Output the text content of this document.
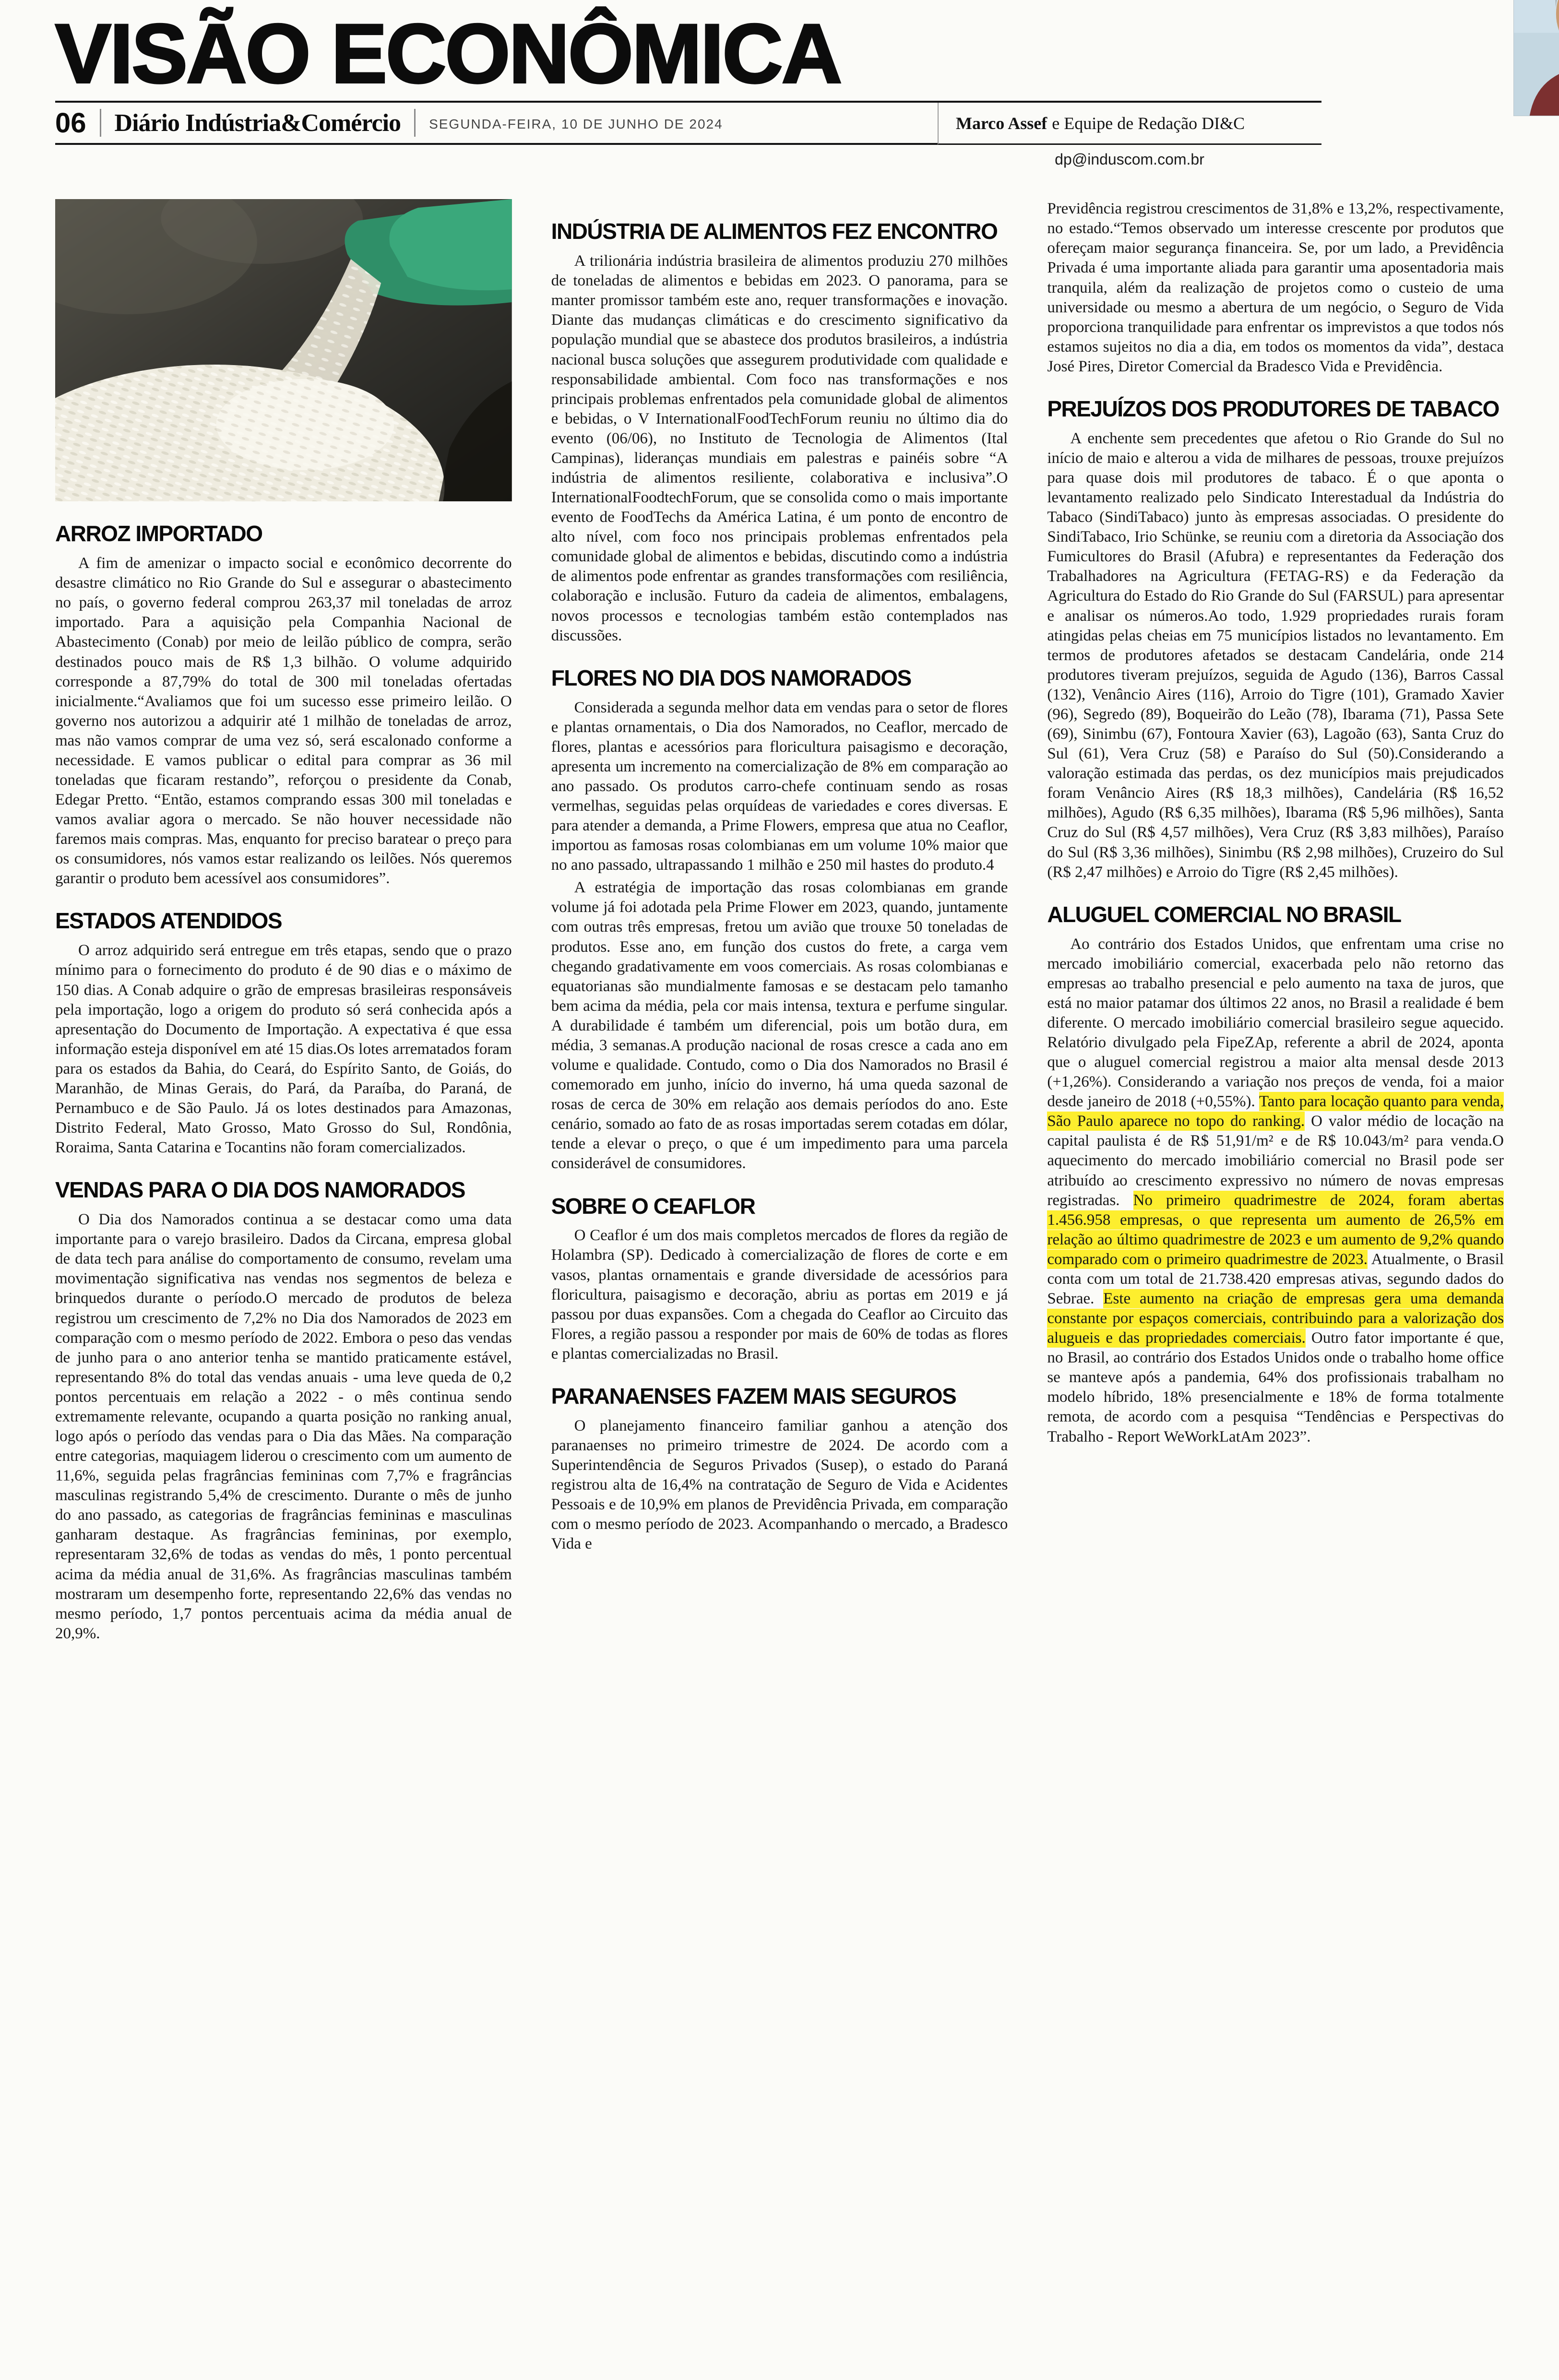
VISÃO ECONÔMICA
06 Diário Indústria&Comércio SEGUNDA-FEIRA, 10 DE JUNHO DE 2024	Marco Assef e Equipe de Redação DI&C
dp@induscom.com.br
ARROZ IMPORTADO

A fim de amenizar o impacto social e econômico decorrente do desastre climático no Rio Grande do Sul e assegurar o abastecimento no país, o governo federal comprou 263,37 mil toneladas de arroz importado. Para a aquisição pela Companhia Nacional de Abastecimento (Conab) por meio de leilão público de compra, serão destinados pouco mais de R$ 1,3 bilhão. O volume adquirido corresponde a 87,79% do total de 300 mil toneladas ofertadas inicialmente.“Avaliamos que foi um sucesso esse primeiro leilão. O governo nos autorizou a adquirir até 1 milhão de toneladas de arroz, mas não vamos comprar de uma vez só, será escalonado conforme a necessidade. E vamos publicar o edital para comprar as 36 mil toneladas que ficaram restando”, reforçou o presidente da Conab, Edegar Pretto. “Então, estamos comprando essas 300 mil toneladas e vamos avaliar agora o mercado. Se não houver necessidade não faremos mais compras. Mas, enquanto for preciso baratear o preço para os consumidores, nós vamos estar realizando os leilões. Nós queremos garantir o produto bem acessível aos consumidores”.

ESTADOS ATENDIDOS

O arroz adquirido será entregue em três etapas, sendo que o prazo mínimo para o fornecimento do produto é de 90 dias e o máximo de 150 dias. A Conab adquire o grão de empresas brasileiras responsáveis pela importação, logo a origem do produto só será conhecida após a apresentação do Documento de Importação. A expectativa é que essa informação esteja disponível em até 15 dias.Os lotes arrematados foram para os estados da Bahia, do Ceará, do Espírito Santo, de Goiás, do Maranhão, de Minas Gerais, do Pará, da Paraíba, do Paraná, de Pernambuco e de São Paulo. Já os lotes destinados para Amazonas, Distrito Federal, Mato Grosso, Mato Grosso do Sul, Rondônia, Roraima, Santa Catarina e Tocantins não foram comercializados.

VENDAS PARA O DIA DOS NAMORADOS

O Dia dos Namorados continua a se destacar como uma data importante para o varejo brasileiro. Dados da Circana, empresa global de data tech para análise do comportamento de consumo, revelam uma movimentação significativa nas vendas nos segmentos de beleza e brinquedos durante o período.O mercado de produtos de beleza registrou um crescimento de 7,2% no Dia dos Namorados de 2023 em comparação com o mesmo período de 2022. Embora o peso das vendas de junho para o ano anterior tenha se mantido praticamente estável, representando 8% do total das vendas anuais - uma leve queda de 0,2 pontos percentuais em relação a 2022 - o mês continua sendo extremamente relevante, ocupando a quarta posição no ranking anual, logo após o período das vendas para o Dia das Mães. Na comparação entre categorias, maquiagem liderou o crescimento com um aumento de 11,6%, seguida pelas fragrâncias femininas com 7,7% e fragrâncias masculinas registrando 5,4% de crescimento. Durante o mês de junho do ano passado, as categorias de fragrâncias femininas e masculinas ganharam destaque. As fragrâncias femininas, por exemplo, representaram 32,6% de todas as vendas do mês, 1 ponto percentual acima da média anual de 31,6%. As fragrâncias masculinas também mostraram um desempenho forte, representando 22,6% das vendas no mesmo período, 1,7 pontos percentuais acima da média anual de 20,9%.

INDÚSTRIA DE ALIMENTOS FEZ ENCONTRO

A trilionária indústria brasileira de alimentos produziu 270 milhões de toneladas de alimentos e bebidas em 2023. O panorama, para se manter promissor também este ano, requer transformações e inovação. Diante das mudanças climáticas e do crescimento significativo da população mundial que se abastece dos produtos brasileiros, a indústria nacional busca soluções que assegurem produtividade com qualidade e responsabilidade ambiental. Com foco nas transformações e nos principais problemas enfrentados pela comunidade global de alimentos e bebidas, o V InternationalFoodTechForum reuniu no último dia do evento (06/06), no Instituto de Tecnologia de Alimentos (Ital Campinas), lideranças mundiais em palestras e painéis sobre “A indústria de alimentos resiliente, colaborativa e inclusiva”.O InternationalFoodtechForum, que se consolida como o mais importante evento de FoodTechs da América Latina, é um ponto de encontro de alto nível, com foco nos principais problemas enfrentados pela comunidade global de alimentos e bebidas, discutindo como a indústria de alimentos pode enfrentar as grandes transformações com resiliência, colaboração e inclusão. Futuro da cadeia de alimentos, embalagens, novos processos e tecnologias também estão contemplados nas discussões.

FLORES NO DIA DOS NAMORADOS

Considerada a segunda melhor data em vendas para o setor de flores e plantas ornamentais, o Dia dos Namorados, no Ceaflor, mercado de flores, plantas e acessórios para floricultura paisagismo e decoração, apresenta um incremento na comercialização de 8% em comparação ao ano passado. Os produtos carro-chefe continuam sendo as rosas vermelhas, seguidas pelas orquídeas de variedades e cores diversas. E para atender a demanda, a Prime Flowers, empresa que atua no Ceaflor, importou as famosas rosas colombianas em um volume 10% maior que no ano passado, ultrapassando 1 milhão e 250 mil hastes do produto.4

A estratégia de importação das rosas colombianas em grande volume já foi adotada pela Prime Flower em 2023, quando, juntamente com outras três empresas, fretou um avião que trouxe 50 toneladas de produtos. Esse ano, em função dos custos do frete, a carga vem chegando gradativamente em voos comerciais. As rosas colombianas e equatorianas são mundialmente famosas e se destacam pelo tamanho bem acima da média, pela cor mais intensa, textura e perfume singular. A durabilidade é também um diferencial, pois um botão dura, em média, 3 semanas.A produção nacional de rosas cresce a cada ano em volume e qualidade. Contudo, como o Dia dos Namorados no Brasil é comemorado em junho, início do inverno, há uma queda sazonal de rosas de cerca de 30% em relação aos demais períodos do ano. Este cenário, somado ao fato de as rosas importadas serem cotadas em dólar, tende a elevar o preço, o que é um impedimento para uma parcela considerável de consumidores.

SOBRE O CEAFLOR

O Ceaflor é um dos mais completos mercados de flores da região de Holambra (SP). Dedicado à comercialização de flores de corte e em vasos, plantas ornamentais e grande diversidade de acessórios para floricultura, paisagismo e decoração, abriu as portas em 2019 e já passou por duas expansões. Com a chegada do Ceaflor ao Circuito das Flores, a região passou a responder por mais de 60% de todas as flores e plantas comercializadas no Brasil.

PARANAENSES FAZEM MAIS SEGUROS

O planejamento financeiro familiar ganhou a atenção dos paranaenses no primeiro trimestre de 2024. De acordo com a Superintendência de Seguros Privados (Susep), o estado do Paraná registrou alta de 16,4% na contratação de Seguro de Vida e Acidentes Pessoais e de 10,9% em planos de Previdência Privada, em comparação com o mesmo período de 2023. Acompanhando o mercado, a Bradesco Vida e

Previdência registrou crescimentos de 31,8% e 13,2%, respectivamente, no estado.“Temos observado um interesse crescente por produtos que ofereçam maior segurança financeira. Se, por um lado, a Previdência Privada é uma importante aliada para garantir uma aposentadoria mais tranquila, além da realização de projetos como o custeio de uma universidade ou mesmo a abertura de um negócio, o Seguro de Vida proporciona tranquilidade para enfrentar os imprevistos a que todos nós estamos sujeitos no dia a dia, em todos os momentos da vida”, destaca José Pires, Diretor Comercial da Bradesco Vida e Previdência.

PREJUÍZOS DOS PRODUTORES DE TABACO

A enchente sem precedentes que afetou o Rio Grande do Sul no início de maio e alterou a vida de milhares de pessoas, trouxe prejuízos para quase dois mil produtores de tabaco. É o que aponta o levantamento realizado pelo Sindicato Interestadual da Indústria do Tabaco (SindiTabaco) junto às empresas associadas. O presidente do SindiTabaco, Irio Schünke, se reuniu com a diretoria da Associação dos Fumicultores do Brasil (Afubra) e representantes da Federação dos Trabalhadores na Agricultura (FETAG-RS) e da Federação da Agricultura do Estado do Rio Grande do Sul (FARSUL) para apresentar e analisar os números.Ao todo, 1.929 propriedades rurais foram atingidas pelas cheias em 75 municípios listados no levantamento. Em termos de produtores afetados se destacam Candelária, onde 214 produtores tiveram prejuízos, seguida de Agudo (136), Barros Cassal (132), Venâncio Aires (116), Arroio do Tigre (101), Gramado Xavier (96), Segredo (89), Boqueirão do Leão (78), Ibarama (71), Passa Sete (69), Sinimbu (67), Fontoura Xavier (63), Lagoão (63), Santa Cruz do Sul (61), Vera Cruz (58) e Paraíso do Sul (50).Considerando a valoração estimada das perdas, os dez municípios mais prejudicados foram Venâncio Aires (R$ 18,3 milhões), Candelária (R$ 16,52 milhões), Agudo (R$ 6,35 milhões), Ibarama (R$ 5,96 milhões), Santa Cruz do Sul (R$ 4,57 milhões), Vera Cruz (R$ 3,83 milhões), Paraíso do Sul (R$ 3,36 milhões), Sinimbu (R$ 2,98 milhões), Cruzeiro do Sul (R$ 2,47 milhões) e Arroio do Tigre (R$ 2,45 milhões).

ALUGUEL COMERCIAL NO BRASIL

Ao contrário dos Estados Unidos, que enfrentam uma crise no mercado imobiliário comercial, exacerbada pelo não retorno das empresas ao trabalho presencial e pelo aumento na taxa de juros, que está no maior patamar dos últimos 22 anos, no Brasil a realidade é bem diferente. O mercado imobiliário comercial brasileiro segue aquecido. Relatório divulgado pela FipeZAp, referente a abril de 2024, aponta que o aluguel comercial registrou a maior alta mensal desde 2013 (+1,26%). Considerando a variação nos preços de venda, foi a maior desde janeiro de 2018 (+0,55%). Tanto para locação quanto para venda, São Paulo aparece no topo do ranking. O valor médio de locação na capital paulista é de R$ 51,91/m² e de R$ 10.043/m² para venda.O aquecimento do mercado imobiliário comercial no Brasil pode ser atribuído ao crescimento expressivo no número de novas empresas registradas. No primeiro quadrimestre de 2024, foram abertas 1.456.958 empresas, o que representa um aumento de 26,5% em relação ao último quadrimestre de 2023 e um aumento de 9,2% quando comparado com o primeiro quadrimestre de 2023. Atualmente, o Brasil conta com um total de 21.738.420 empresas ativas, segundo dados do Sebrae. Este aumento na criação de empresas gera uma demanda constante por espaços comerciais, contribuindo para a valorização dos alugueis e das propriedades comerciais. Outro fator importante é que, no Brasil, ao contrário dos Estados Unidos onde o trabalho home office se manteve após a pandemia, 64% dos profissionais trabalham no modelo híbrido, 18% presencialmente e 18% de forma totalmente remota, de acordo com a pesquisa “Tendências e Perspectivas do Trabalho - Report WeWorkLatAm 2023”.
